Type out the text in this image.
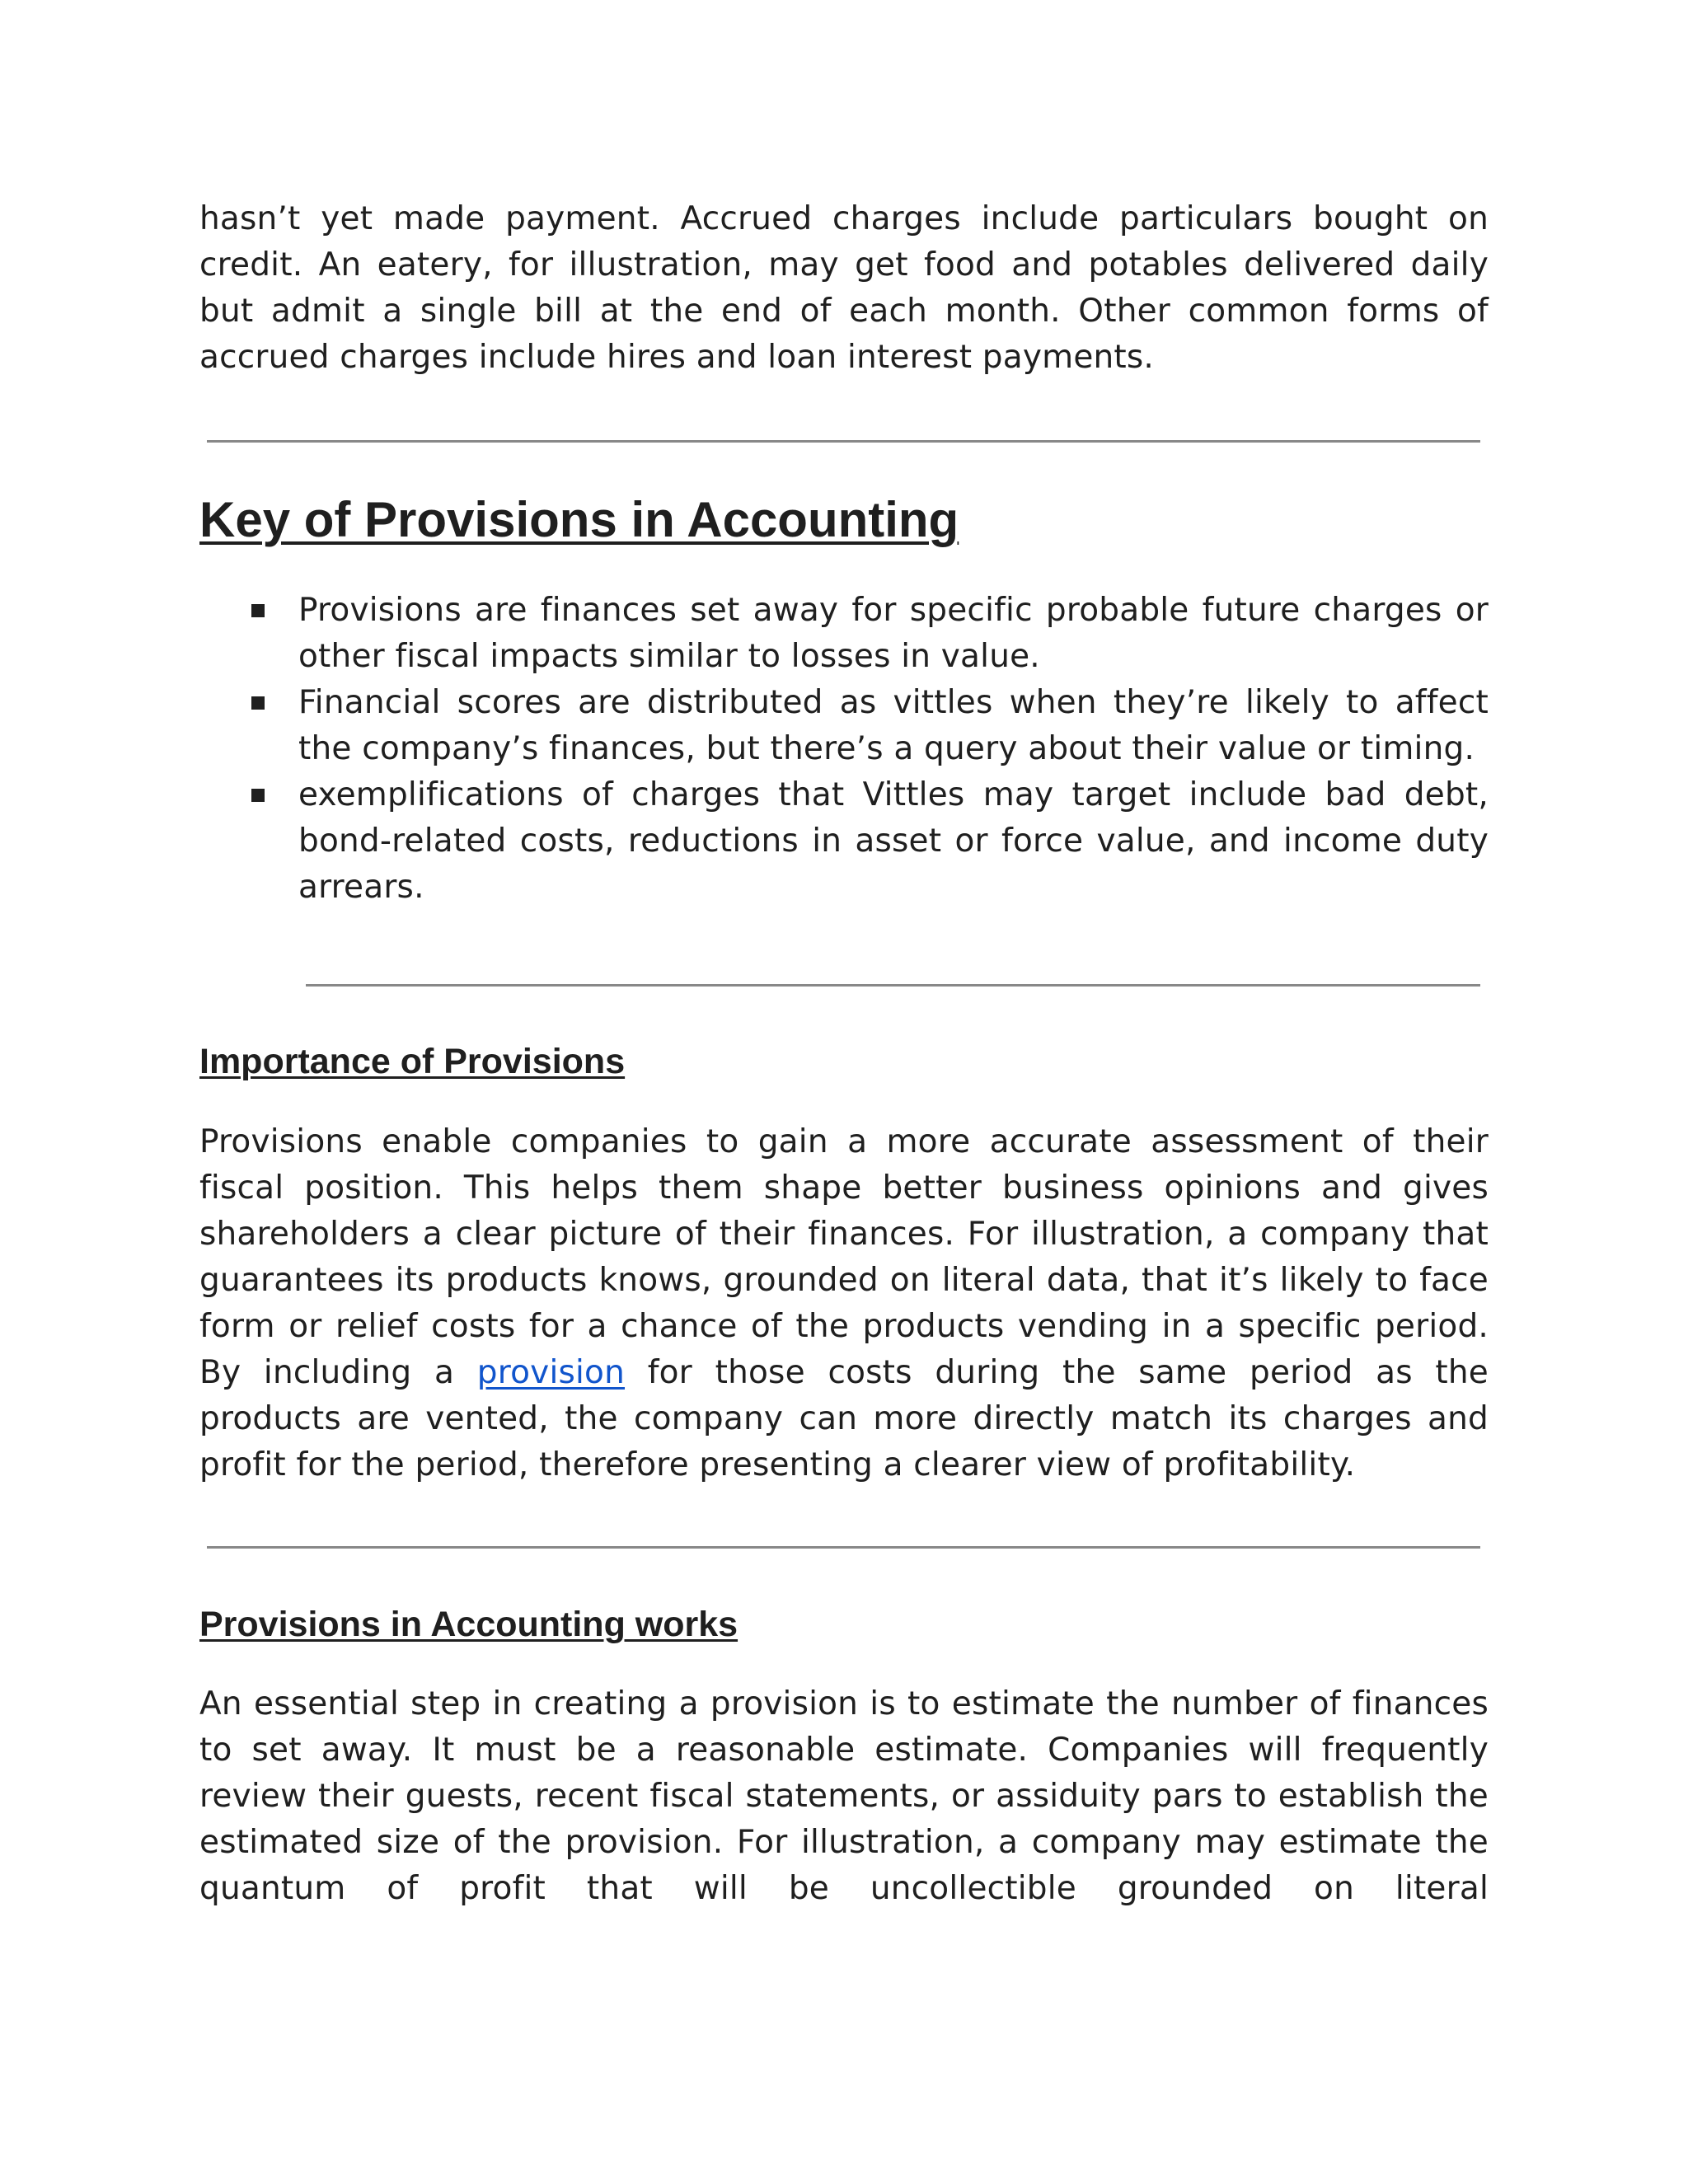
hasn’t yet made payment. Accrued charges include particulars bought on credit. An eatery, for illustration, may get food and potables delivered daily but admit a single bill at the end of each month. Other common forms of accrued charges include hires and loan interest payments.

Key of Provisions in Accounting
Provisions are finances set away for specific probable future charges or other fiscal impacts similar to losses in value.
Financial scores are distributed as vittles when they’re likely to affect the company’s finances, but there’s a query about their value or timing.
exemplifications of charges that Vittles may target include bad debt, bond-related costs, reductions in asset or force value, and income duty arrears.
Importance of Provisions

Provisions enable companies to gain a more accurate assessment of their fiscal position. This helps them shape better business opinions and gives shareholders a clear picture of their finances. For illustration, a company that guarantees its products knows, grounded on literal data, that it’s likely to face form or relief costs for a chance of the products vending in a specific period. By including a provision for those costs during the same period as the products are vented, the company can more directly match its charges and profit for the period, therefore presenting a clearer view of profitability.

Provisions in Accounting works

An essential step in creating a provision is to estimate the number of finances to set away. It must be a reasonable estimate. Companies will frequently review their guests, recent fiscal statements, or assiduity pars to establish the estimated size of the provision. For illustration, a company may estimate the quantum of profit that will be uncollectible grounded on literal
